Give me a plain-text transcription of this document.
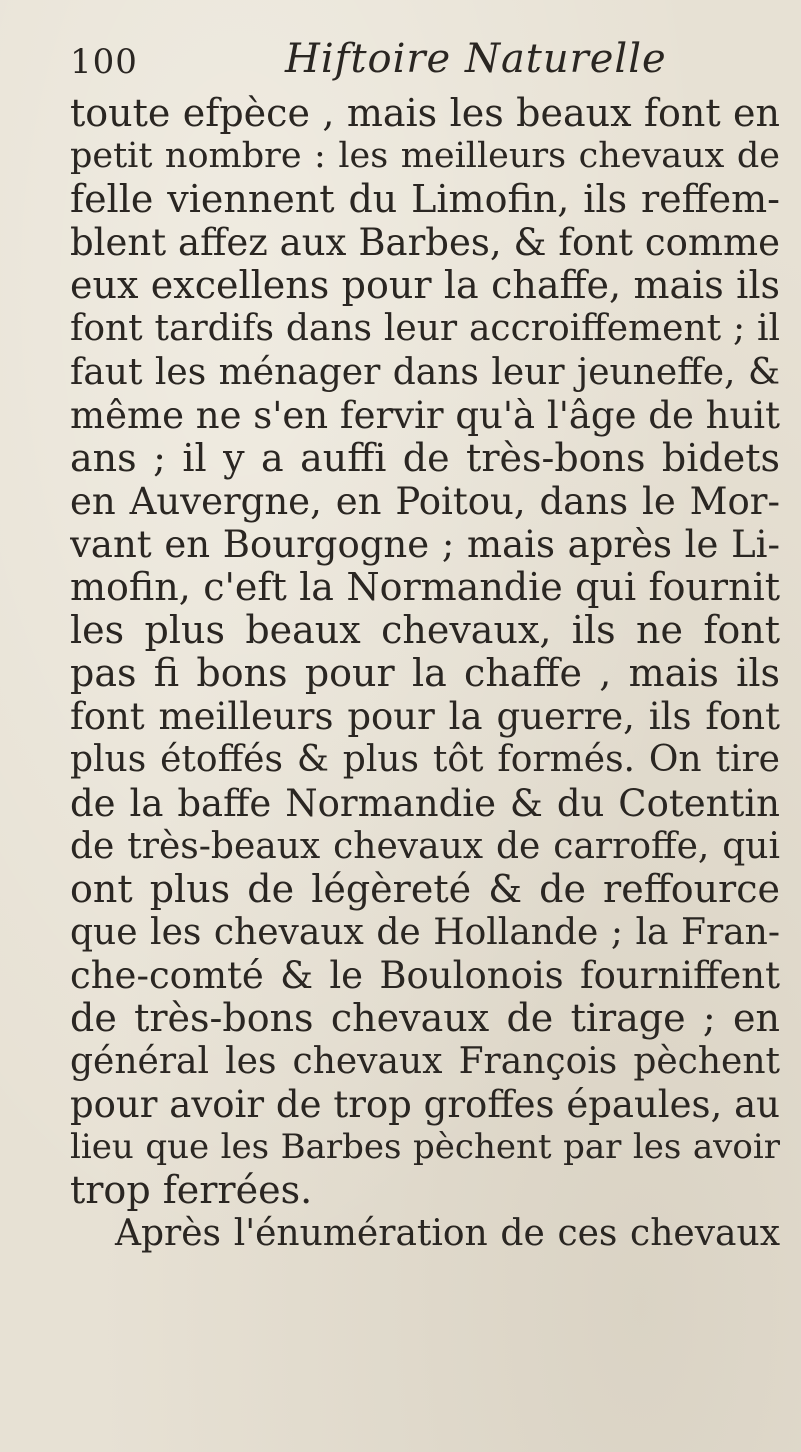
100	Hiftoire Naturelle
toute efpèce , mais les beaux font en
petit nombre : les meilleurs chevaux de
felle viennent du Limofin, ils reffem-
blent affez aux Barbes, & font comme
eux excellens pour la chaffe, mais ils
font tardifs dans leur accroiffement ; il
faut les ménager dans leur jeuneffe, &
même ne s'en fervir qu'à l'âge de huit
ans ; il y a auffi de très-bons bidets
en Auvergne, en Poitou, dans le Mor-
vant en Bourgogne ; mais après le Li-
mofin, c'eft la Normandie qui fournit
les plus beaux chevaux, ils ne font
pas fi bons pour la chaffe , mais ils
font meilleurs pour la guerre, ils font
plus étoffés & plus tôt formés. On tire
de la baffe Normandie & du Cotentin
de très-beaux chevaux de carroffe, qui
ont plus de légèreté & de reffource
que les chevaux de Hollande ; la Fran-
che-comté & le Boulonois fourniffent
de très-bons chevaux de tirage ; en
général les chevaux François pèchent
pour avoir de trop groffes épaules, au
lieu que les Barbes pèchent par les avoir
trop ferrées.
Après l'énumération de ces chevaux
